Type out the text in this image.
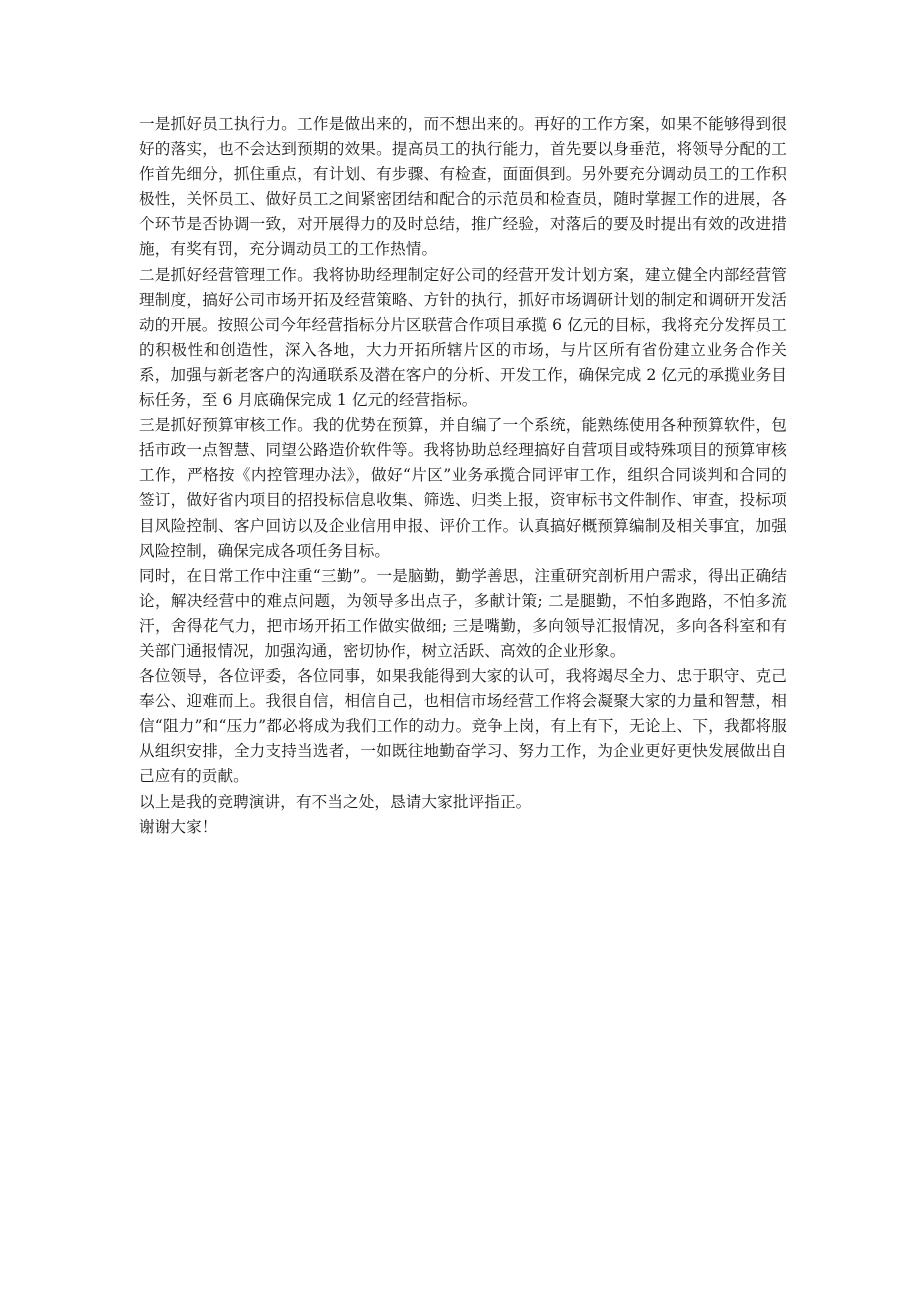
一是抓好员工执行力。工作是做出来的，而不想出来的。再好的工作方案，如果不能够得到很好的落实，也不会达到预期的效果。提高员工的执行能力，首先要以身垂范，将领导分配的工作首先细分，抓住重点，有计划、有步骤、有检查，面面俱到。另外要充分调动员工的工作积极性，关怀员工、做好员工之间紧密团结和配合的示范员和检查员，随时掌握工作的进展，各个环节是否协调一致，对开展得力的及时总结，推广经验，对落后的要及时提出有效的改进措施，有奖有罚，充分调动员工的工作热情。

二是抓好经营管理工作。我将协助经理制定好公司的经营开发计划方案，建立健全内部经营管理制度，搞好公司市场开拓及经营策略、方针的执行，抓好市场调研计划的制定和调研开发活动的开展。按照公司今年经营指标分片区联营合作项目承揽 6 亿元的目标，我将充分发挥员工的积极性和创造性，深入各地，大力开拓所辖片区的市场，与片区所有省份建立业务合作关系，加强与新老客户的沟通联系及潜在客户的分析、开发工作，确保完成 2 亿元的承揽业务目标任务，至 6 月底确保完成 1 亿元的经营指标。

三是抓好预算审核工作。我的优势在预算，并自编了一个系统，能熟练使用各种预算软件，包括市政一点智慧、同望公路造价软件等。我将协助总经理搞好自营项目或特殊项目的预算审核工作，严格按《内控管理办法》，做好“片区”业务承揽合同评审工作，组织合同谈判和合同的签订，做好省内项目的招投标信息收集、筛选、归类上报，资审标书文件制作、审查，投标项目风险控制、客户回访以及企业信用申报、评价工作。认真搞好概预算编制及相关事宜，加强风险控制，确保完成各项任务目标。

同时，在日常工作中注重“三勤”。一是脑勤，勤学善思，注重研究剖析用户需求，得出正确结论，解决经营中的难点问题，为领导多出点子，多献计策; 二是腿勤，不怕多跑路，不怕多流汗，舍得花气力，把市场开拓工作做实做细; 三是嘴勤，多向领导汇报情况，多向各科室和有关部门通报情况，加强沟通，密切协作，树立活跃、高效的企业形象。

各位领导，各位评委，各位同事，如果我能得到大家的认可，我将竭尽全力、忠于职守、克己奉公、迎难而上。我很自信，相信自己，也相信市场经营工作将会凝聚大家的力量和智慧，相信“阻力”和“压力”都必将成为我们工作的动力。竞争上岗，有上有下，无论上、下，我都将服从组织安排，全力支持当选者，一如既往地勤奋学习、努力工作，为企业更好更快发展做出自己应有的贡献。

以上是我的竞聘演讲，有不当之处，恳请大家批评指正。

谢谢大家！
